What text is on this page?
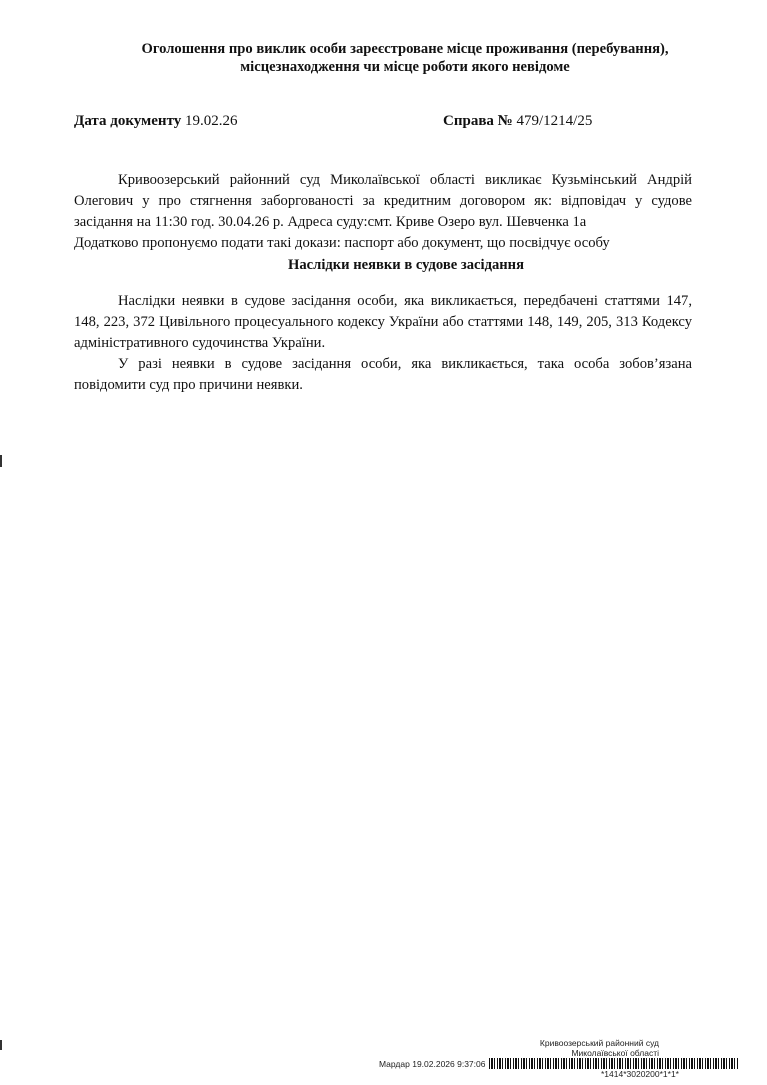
Оголошення про виклик особи зареєстроване місце проживання (перебування),
місцезнаходження чи місце роботи якого невідоме
Дата документу 19.02.26	Справа № 479/1214/25

Кривоозерський районний суд Миколаївської області викликає Кузьмінський Андрій Олегович у про стягнення заборгованості за кредитним договором як: відповідач у судове засідання на 11:30 год. 30.04.26 р. Адреса суду:смт. Криве Озеро вул. Шевченка 1а

Додатково пропонуємо подати такі докази: паспорт або документ, що посвідчує особу

Наслідки неявки в судове засідання

Наслідки неявки в судове засідання особи, яка викликається, передбачені статтями 147, 148, 223, 372 Цивільного процесуального кодексу України або статтями 148, 149, 205, 313 Кодексу адміністративного судочинства України.

У разі неявки в судове засідання особи, яка викликається, така особа зобов’язана повідомити суд про причини неявки.

Кривоозерський районний суд
Миколаївської області
Мардар 19.02.2026 9:37:06
*1414*3020200*1*1*
